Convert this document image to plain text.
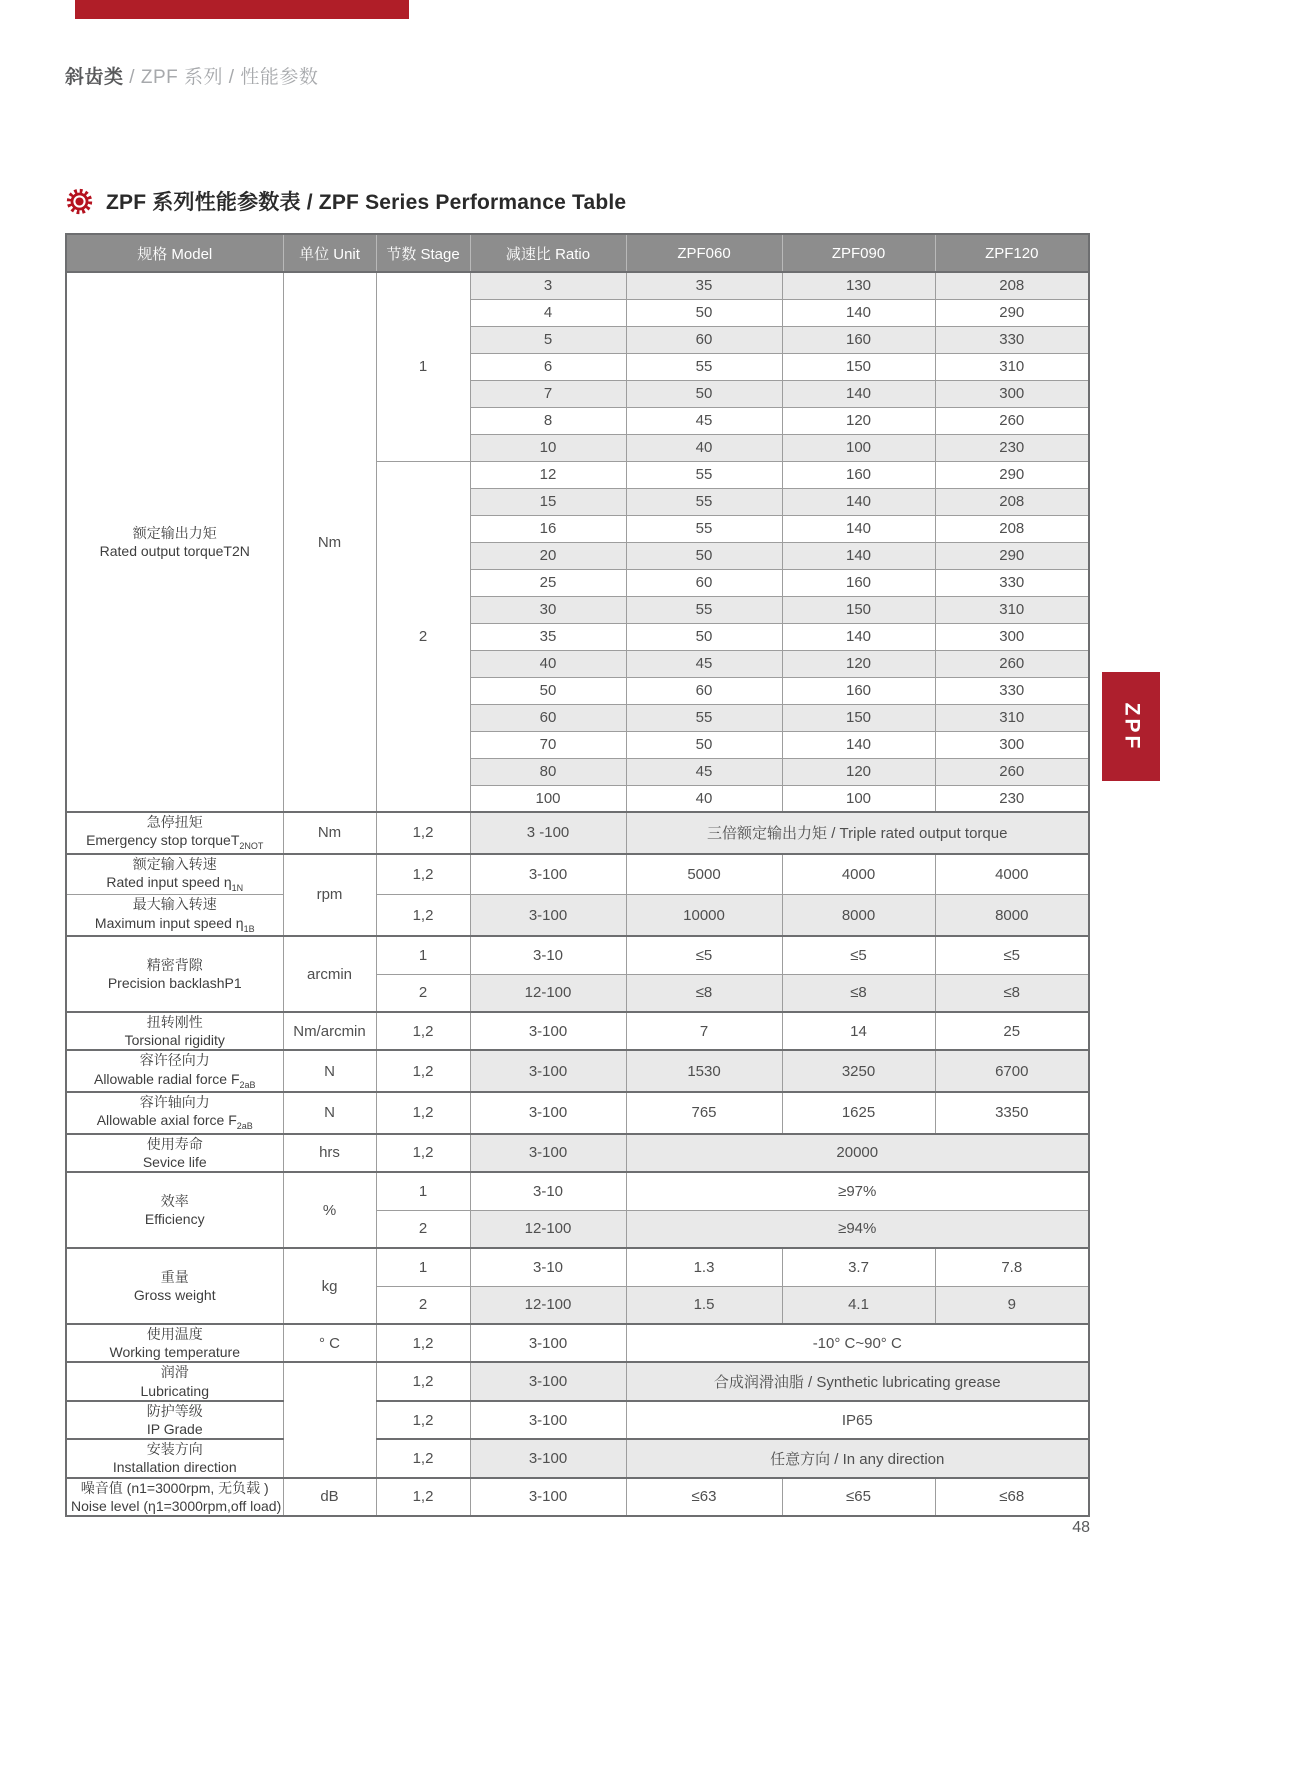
斜齿类 / ZPF 系列 / 性能参数
ZPF 系列性能参数表 / ZPF Series Performance Table
规格 Model	单位 Unit	节数 Stage	减速比 Ratio	ZPF060	ZPF090	ZPF120

额定输出力矩
Rated output torqueT2N	Nm	1	3	35	130	208
			4	50	140	290
			5	60	160	330
			6	55	150	310
			7	50	140	300
			8	45	120	260
			10	40	100	230
		2	12	55	160	290
			15	55	140	208
			16	55	140	208
			20	50	140	290
			25	60	160	330
			30	55	150	310
			35	50	140	300
			40	45	120	260
			50	60	160	330
			60	55	150	310
			70	50	140	300
			80	45	120	260
			100	40	100	230

急停扭矩
Emergency stop torqueT$_{2NOT}$	Nm	1,2	3 -100	三倍额定输出力矩 / Triple rated output torque		

额定输入转速
Rated input speed $\eta_{1N}$	rpm	1,2	3-100	5000	4000	4000

最大输入转速
Maximum input speed $\eta_{1B}$		1,2	3-100	10000	8000	8000

精密背隙
Precision backlashP1	arcmin	1	3-10	≤5	≤5	≤5
		2	12-100	≤8	≤8	≤8

扭转刚性
Torsional rigidity	Nm/arcmin	1,2	3-100	7	14	25

容许径向力
Allowable radial force $F_{2aB}$	N	1,2	3-100	1530	3250	6700

容许轴向力
Allowable axial force $F_{2aB}$	N	1,2	3-100	765	1625	3350

使用寿命
Sevice life	hrs	1,2	3-100	20000		

效率
Efficiency	%	1	3-10	≥97%		
		2	12-100	≥94%		

重量
Gross weight	kg	1	3-10	1.3	3.7	7.8
		2	12-100	1.5	4.1	9

使用温度
Working temperature	° C	1,2	3-100	-10° C~90° C		

润滑
Lubricating		1,2	3-100	合成润滑油脂 / Synthetic lubricating grease		

防护等级
IP Grade		1,2	3-100	IP65		

安装方向
Installation direction		1,2	3-100	任意方向 / In any direction		

噪音值 (n1=3000rpm, 无负载 )
Noise level (η1=3000rpm,off load)	dB	1,2	3-100	≤63	≤65	≤68
ZPF
48
